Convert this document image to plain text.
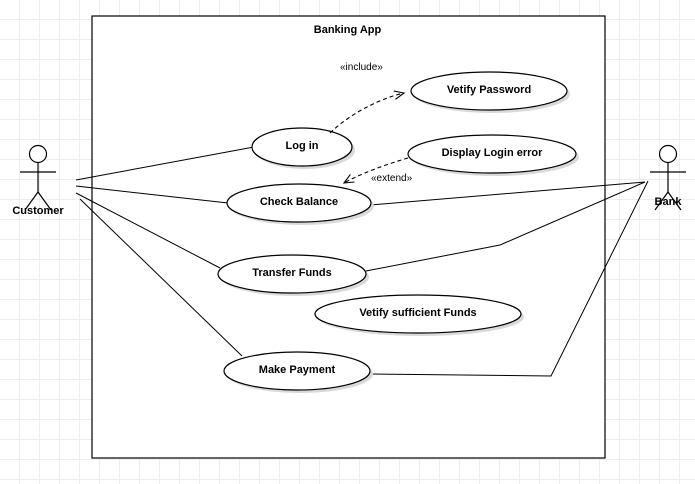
Banking App
Customer
Bank
Log in
Vetify Password
Display Login error
Check Balance
Transfer Funds
Vetify sufficient Funds
Make Payment
«include»
«extend»
